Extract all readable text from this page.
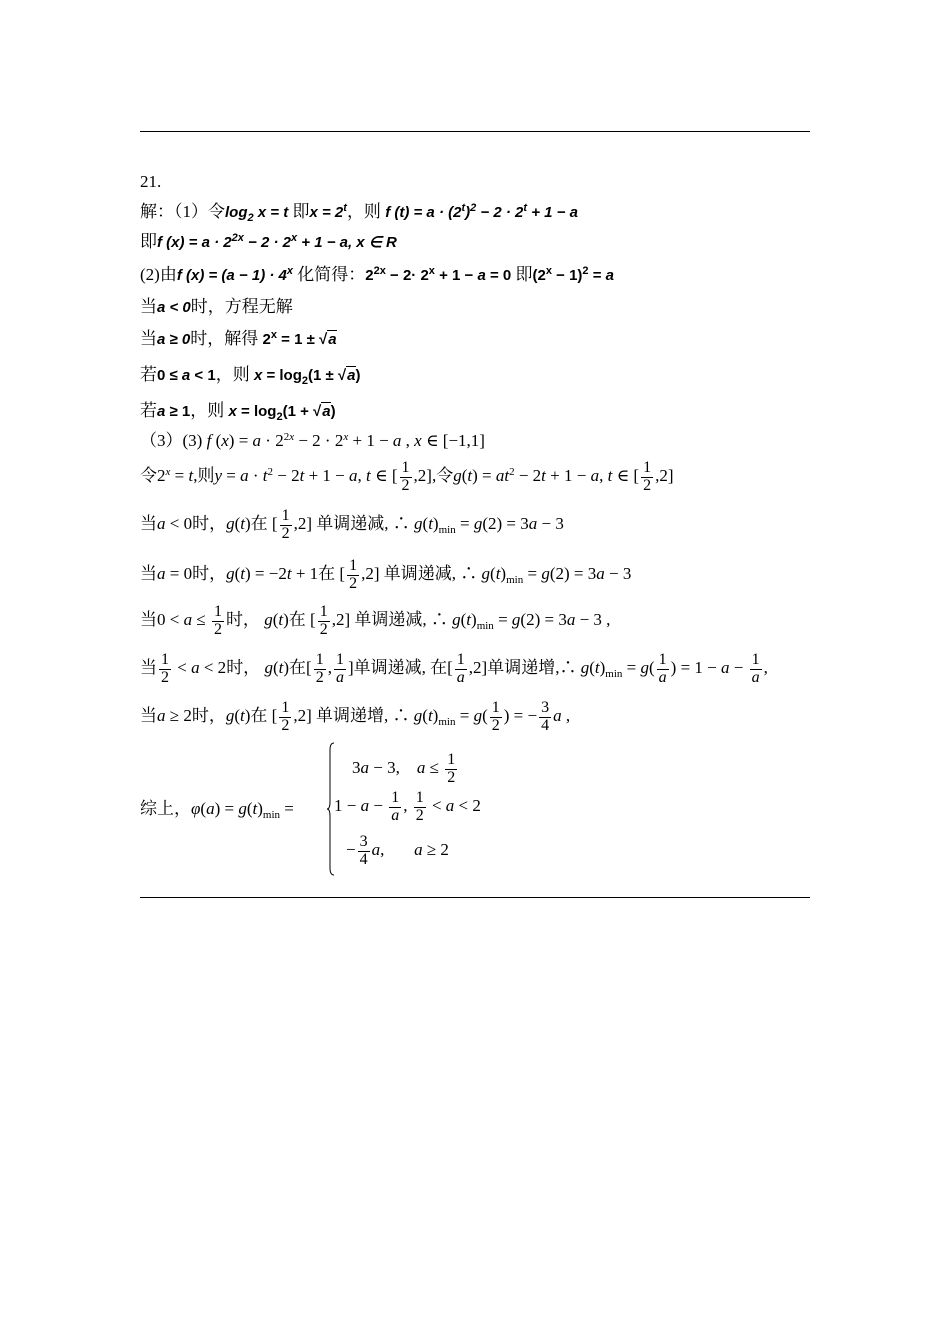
21.
解：（1）令$\log_2 x = t$ 即$x = 2^t$，则 f $(t) = a \cdot (2^t)^2 - 2 \cdot 2^t + 1 - a$
即f $(x) = a \cdot 2^{2x} - 2 \cdot 2^x + 1 - a$, x ∈ R
(2)由f $(x) = (a - 1) \cdot 4^x$ 化简得：$2^{2x} - 2\cdot 2^x + 1 - a = 0$ 即$(2^x - 1)^2 = a$
当a < 0时，方程无解
当a ≥ 0时，解得 $2^x = 1 \pm √a$
若0 ≤ a < 1，则 $x = \log_2(1 \pm √a)$
若a ≥ 1，则 $x = \log_2(1 + √a)$
（3）(3) f $(x) = a \cdot 2^{2x} - 2 \cdot 2^x + 1 - a$ , x ∈ [−1,1]
令$2^x = t$,则$y = a \cdot t^2 - 2t + 1 - a$, t ∈ [ $\frac{1}{2} ,2$],令$g(t) = at^2 - 2t + 1 - a$, t ∈ [ $\frac{1}{2} ,2$]
当a < 0时，g(t)在 [ $\frac{1}{2} ,2$] 单调递减, ∴ $g(t)_{min} = g(2) = 3a - 3$
当a = 0时，g(t) = −2t + 1在 [ $\frac{1}{2} ,2$] 单调递减, ∴ $g(t)_{min} = g(2) = 3a - 3$
当$0 < a \le \frac{1}{2}$ 时， g(t)在 [ $\frac{1}{2} ,2$] 单调递减, ∴ $g(t)_{min} = g(2) = 3a - 3$ ,
当 $\frac{1}{2} < a < 2$时， g(t)在[ $\frac{1}{2}$ , $\frac{1}{a}$ ]单调递减, 在[ $\frac{1}{a} ,2$]单调递增,∴ $g(t)_{min} = g( \frac{1}{a}$ ) = $1 - a - \frac{1}{a}$ ,
当a ≥ 2时，g(t)在 [ $\frac{1}{2} ,2$] 单调递增, ∴ $g(t)_{min} = g( \frac{1}{2}$ ) = − $\frac{3}{4}$ a ,
综上，$\varphi(a) = g(t)_{min}$ =
3a − 3,    $a \le \frac{1}{2}$
$1 - a - \frac{1}{a}$ , $\frac{1}{2} < a < 2$
− $\frac{3}{4} a$,       a ≥ 2
